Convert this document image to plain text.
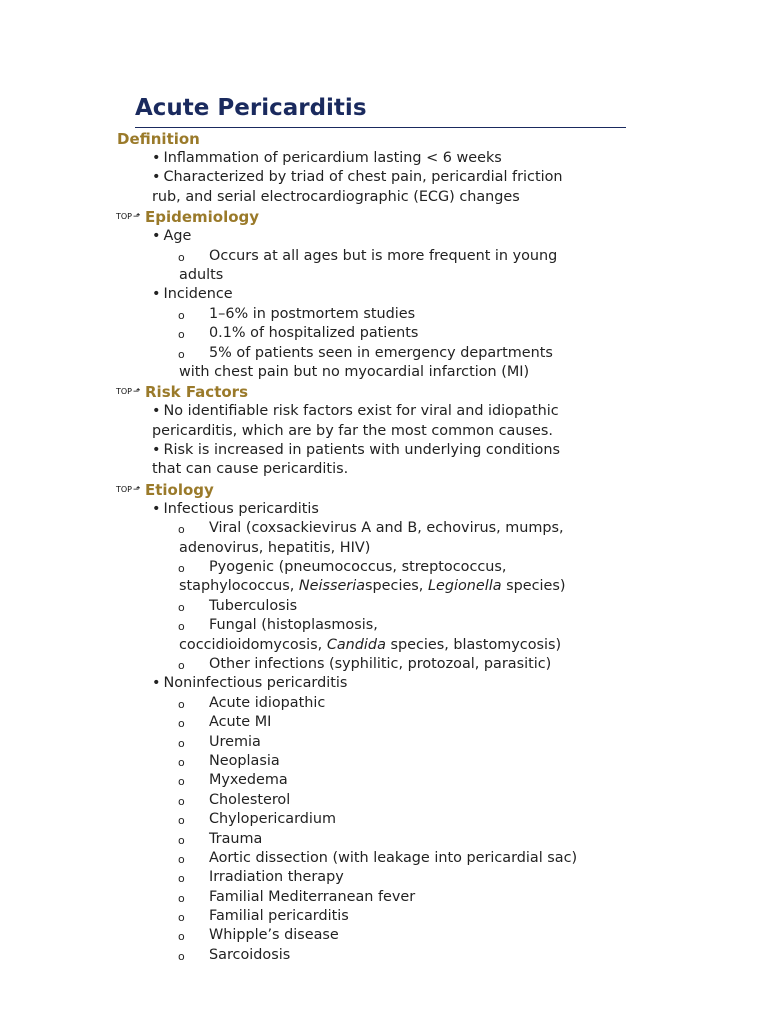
Acute Pericarditis
Definition
• Inflammation of pericardium lasting < 6 weeks
• Characterized by triad of chest pain, pericardial friction
rub, and serial electrocardiographic (ECG) changes
TOP⬏ Epidemiology
• Age
o Occurs at all ages but is more frequent in young
adults
• Incidence
o 1–6% in postmortem studies
o 0.1% of hospitalized patients
o 5% of patients seen in emergency departments
with chest pain but no myocardial infarction (MI)
TOP⬏ Risk Factors
• No identifiable risk factors exist for viral and idiopathic
pericarditis, which are by far the most common causes.
• Risk is increased in patients with underlying conditions
that can cause pericarditis.
TOP⬏ Etiology
• Infectious pericarditis
o Viral (coxsackievirus A and B, echovirus, mumps,
adenovirus, hepatitis, HIV)
o Pyogenic (pneumococcus, streptococcus,
staphylococcus, Neisseriaspecies, Legionella species)
o Tuberculosis
o Fungal (histoplasmosis,
coccidioidomycosis, Candida species, blastomycosis)
o Other infections (syphilitic, protozoal, parasitic)
• Noninfectious pericarditis
o Acute idiopathic
o Acute MI
o Uremia
o Neoplasia
o Myxedema
o Cholesterol
o Chylopericardium
o Trauma
o Aortic dissection (with leakage into pericardial sac)
o Irradiation therapy
o Familial Mediterranean fever
o Familial pericarditis
o Whipple’s disease
o Sarcoidosis
